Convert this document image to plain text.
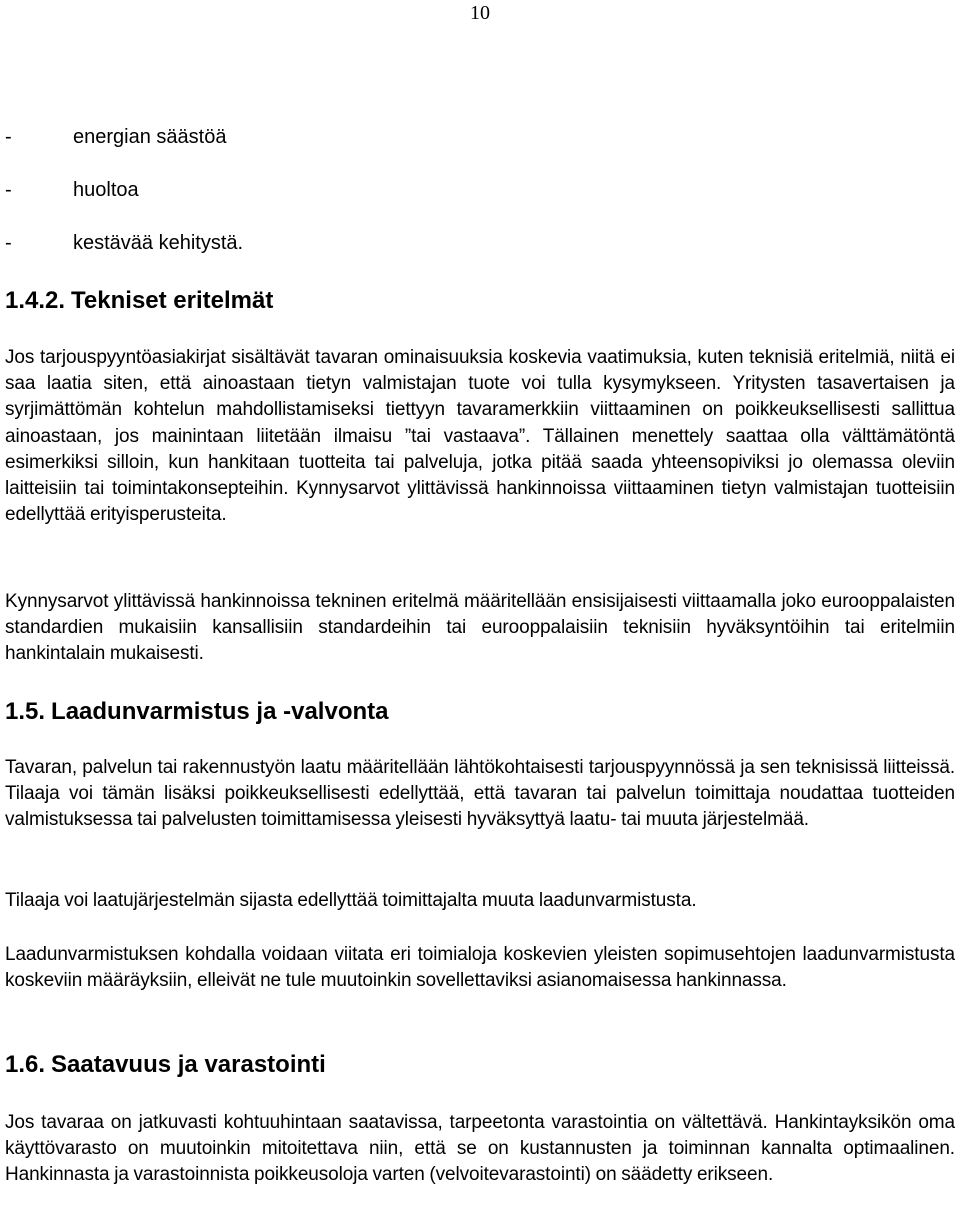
10
-	energian säästöä
-	huoltoa
-	kestävää kehitystä.
1.4.2. Tekniset eritelmät
Jos tarjouspyyntöasiakirjat sisältävät tavaran ominaisuuksia koskevia vaatimuksia, kuten teknisiä eritelmiä, niitä ei saa laatia siten, että ainoastaan tietyn valmistajan tuote voi tulla kysymykseen. Yritysten tasavertaisen ja syrjimättömän kohtelun mahdollistamiseksi tiettyyn tavaramerkkiin viittaaminen on poikkeuksellisesti sallittua ainoastaan, jos mainintaan liitetään ilmaisu ”tai vastaava”. Tällainen menettely saattaa olla välttämätöntä esimerkiksi silloin, kun hankitaan tuotteita tai palveluja, jotka pitää saada yhteensopiviksi jo olemassa oleviin laitteisiin tai toimintakonsepteihin. Kynnysarvot ylittävissä hankinnoissa viittaaminen tietyn valmistajan tuotteisiin edellyttää erityisperusteita.
Kynnysarvot ylittävissä hankinnoissa tekninen eritelmä määritellään ensisijaisesti viittaamalla joko eurooppalaisten standardien mukaisiin kansallisiin standardeihin tai eurooppalaisiin teknisiin hyväksyntöihin tai eritelmiin hankintalain mukaisesti.
1.5. Laadunvarmistus ja -valvonta
Tavaran, palvelun tai rakennustyön laatu määritellään lähtökohtaisesti tarjouspyynnössä ja sen teknisissä liitteissä. Tilaaja voi tämän lisäksi poikkeuksellisesti edellyttää, että tavaran tai palvelun toimittaja noudattaa tuotteiden valmistuksessa tai palvelusten toimittamisessa yleisesti hyväksyttyä laatu- tai muuta järjestelmää.
Tilaaja voi laatujärjestelmän sijasta edellyttää toimittajalta muuta laadunvarmistusta.
Laadunvarmistuksen kohdalla voidaan viitata eri toimialoja koskevien yleisten sopimusehtojen laadunvarmistusta koskeviin määräyksiin, elleivät ne tule muutoinkin sovellettaviksi asianomaisessa hankinnassa.
1.6. Saatavuus ja varastointi
Jos tavaraa on jatkuvasti kohtuuhintaan saatavissa, tarpeetonta varastointia on vältettävä. Hankintayksikön oma käyttövarasto on muutoinkin mitoitettava niin, että se on kustannusten ja toiminnan kannalta optimaalinen. Hankinnasta ja varastoinnista poikkeusoloja varten (velvoitevarastointi) on säädetty erikseen.
